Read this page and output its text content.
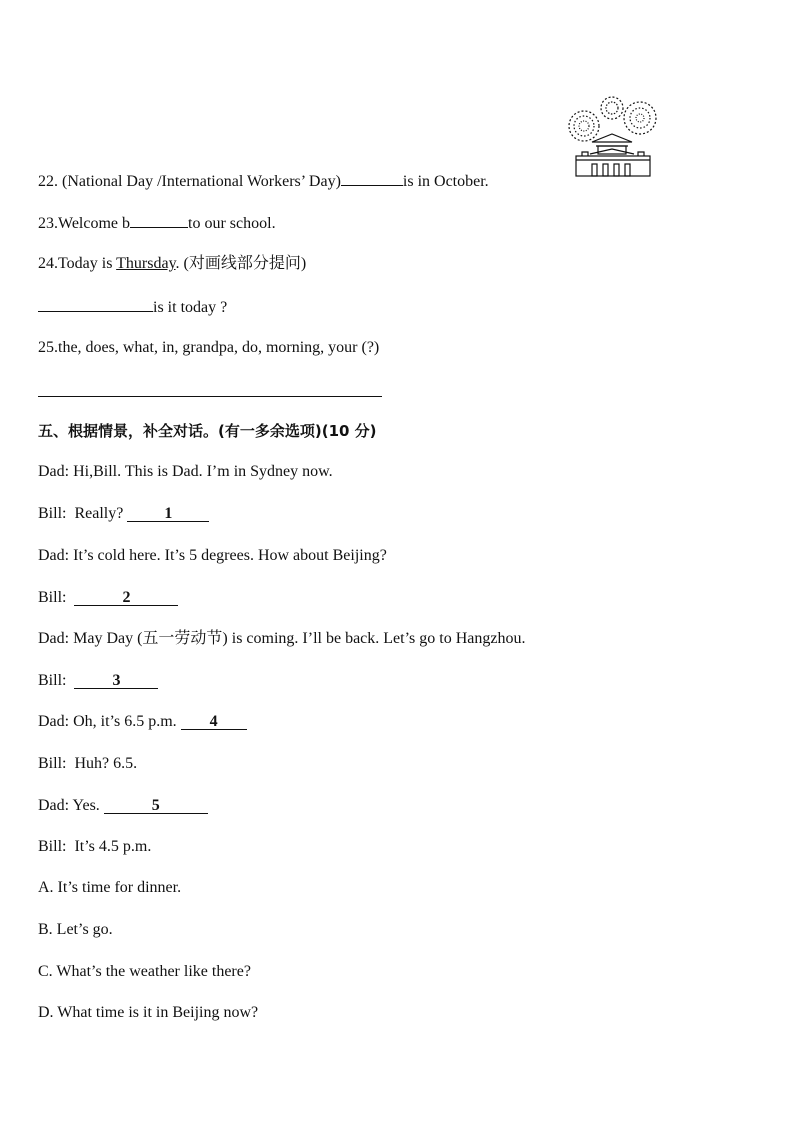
22. (National Day /International Workers’ Day)	is in October.
23.Welcome b	to our school.
24.Today is Thursday. (对画线部分提问)
is it today ?
25.the, does, what, in, grandpa, do, morning, your (?)
五、根据情景，补全对话。(有一多余选项)(10 分)
Dad: Hi,Bill. This is Dad. I’m in Sydney now.
Bill: Really?	1
Dad: It’s cold here. It’s 5 degrees. How about Beijing?
Bill:	2
Dad: May Day (五一劳动节) is coming. I’ll be back. Let’s go to Hangzhou.
Bill:	3
Dad: Oh, it’s 6.5 p.m. 4
Bill: Huh? 6.5.
Dad: Yes.	5
Bill: It’s 4.5 p.m.
A. It’s time for dinner.
B. Let’s go.
C. What’s the weather like there?
D. What time is it in Beijing now?
